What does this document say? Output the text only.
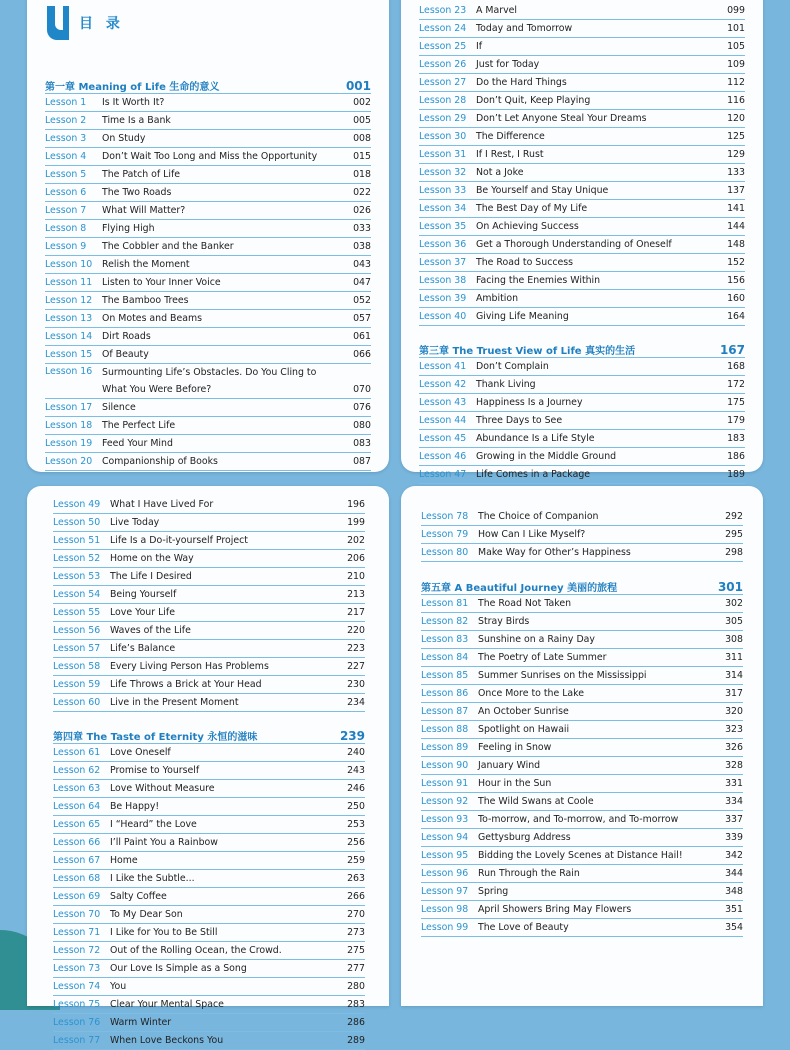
目 录
第一章 Meaning of Life 生命的意义	001
Lesson 1	Is It Worth It?	002
Lesson 2	Time Is a Bank	005
Lesson 3	On Study	008
Lesson 4	Don’t Wait Too Long and Miss the Opportunity	015
Lesson 5	The Patch of Life	018
Lesson 6	The Two Roads	022
Lesson 7	What Will Matter?	026
Lesson 8	Flying High	033
Lesson 9	The Cobbler and the Banker	038
Lesson 10	Relish the Moment	043
Lesson 11	Listen to Your Inner Voice	047
Lesson 12	The Bamboo Trees	052
Lesson 13	On Motes and Beams	057
Lesson 14	Dirt Roads	061
Lesson 15	Of Beauty	066
Lesson 16	Surmounting Life’s Obstacles. Do You Cling to What You Were Before?	070
Lesson 17	Silence	076
Lesson 18	The Perfect Life	080
Lesson 19	Feed Your Mind	083
Lesson 20	Companionship of Books	087
Lesson 23	A Marvel	099
Lesson 24	Today and Tomorrow	101
Lesson 25	If	105
Lesson 26	Just for Today	109
Lesson 27	Do the Hard Things	112
Lesson 28	Don’t Quit, Keep Playing	116
Lesson 29	Don’t Let Anyone Steal Your Dreams	120
Lesson 30	The Difference	125
Lesson 31	If I Rest, I Rust	129
Lesson 32	Not a Joke	133
Lesson 33	Be Yourself and Stay Unique	137
Lesson 34	The Best Day of My Life	141
Lesson 35	On Achieving Success	144
Lesson 36	Get a Thorough Understanding of Oneself	148
Lesson 37	The Road to Success	152
Lesson 38	Facing the Enemies Within	156
Lesson 39	Ambition	160
Lesson 40	Giving Life Meaning	164
第三章 The Truest View of Life 真实的生活	167
Lesson 41	Don’t Complain	168
Lesson 42	Thank Living	172
Lesson 43	Happiness Is a Journey	175
Lesson 44	Three Days to See	179
Lesson 45	Abundance Is a Life Style	183
Lesson 46	Growing in the Middle Ground	186
Lesson 47	Life Comes in a Package	189
Lesson 49	What I Have Lived For	196
Lesson 50	Live Today	199
Lesson 51	Life Is a Do-it-yourself Project	202
Lesson 52	Home on the Way	206
Lesson 53	The Life I Desired	210
Lesson 54	Being Yourself	213
Lesson 55	Love Your Life	217
Lesson 56	Waves of the Life	220
Lesson 57	Life’s Balance	223
Lesson 58	Every Living Person Has Problems	227
Lesson 59	Life Throws a Brick at Your Head	230
Lesson 60	Live in the Present Moment	234
第四章 The Taste of Eternity 永恒的滋味	239
Lesson 61	Love Oneself	240
Lesson 62	Promise to Yourself	243
Lesson 63	Love Without Measure	246
Lesson 64	Be Happy!	250
Lesson 65	I “Heard” the Love	253
Lesson 66	I’ll Paint You a Rainbow	256
Lesson 67	Home	259
Lesson 68	I Like the Subtle...	263
Lesson 69	Salty Coffee	266
Lesson 70	To My Dear Son	270
Lesson 71	I Like for You to Be Still	273
Lesson 72	Out of the Rolling Ocean, the Crowd.	275
Lesson 73	Our Love Is Simple as a Song	277
Lesson 74	You	280
Lesson 75	Clear Your Mental Space	283
Lesson 76	Warm Winter	286
Lesson 77	When Love Beckons You	289
Lesson 78	The Choice of Companion	292
Lesson 79	How Can I Like Myself?	295
Lesson 80	Make Way for Other’s Happiness	298
第五章 A Beautiful Journey 美丽的旅程	301
Lesson 81	The Road Not Taken	302
Lesson 82	Stray Birds	305
Lesson 83	Sunshine on a Rainy Day	308
Lesson 84	The Poetry of Late Summer	311
Lesson 85	Summer Sunrises on the Mississippi	314
Lesson 86	Once More to the Lake	317
Lesson 87	An October Sunrise	320
Lesson 88	Spotlight on Hawaii	323
Lesson 89	Feeling in Snow	326
Lesson 90	January Wind	328
Lesson 91	Hour in the Sun	331
Lesson 92	The Wild Swans at Coole	334
Lesson 93	To-morrow, and To-morrow, and To-morrow	337
Lesson 94	Gettysburg Address	339
Lesson 95	Bidding the Lovely Scenes at Distance Hail!	342
Lesson 96	Run Through the Rain	344
Lesson 97	Spring	348
Lesson 98	April Showers Bring May Flowers	351
Lesson 99	The Love of Beauty	354
